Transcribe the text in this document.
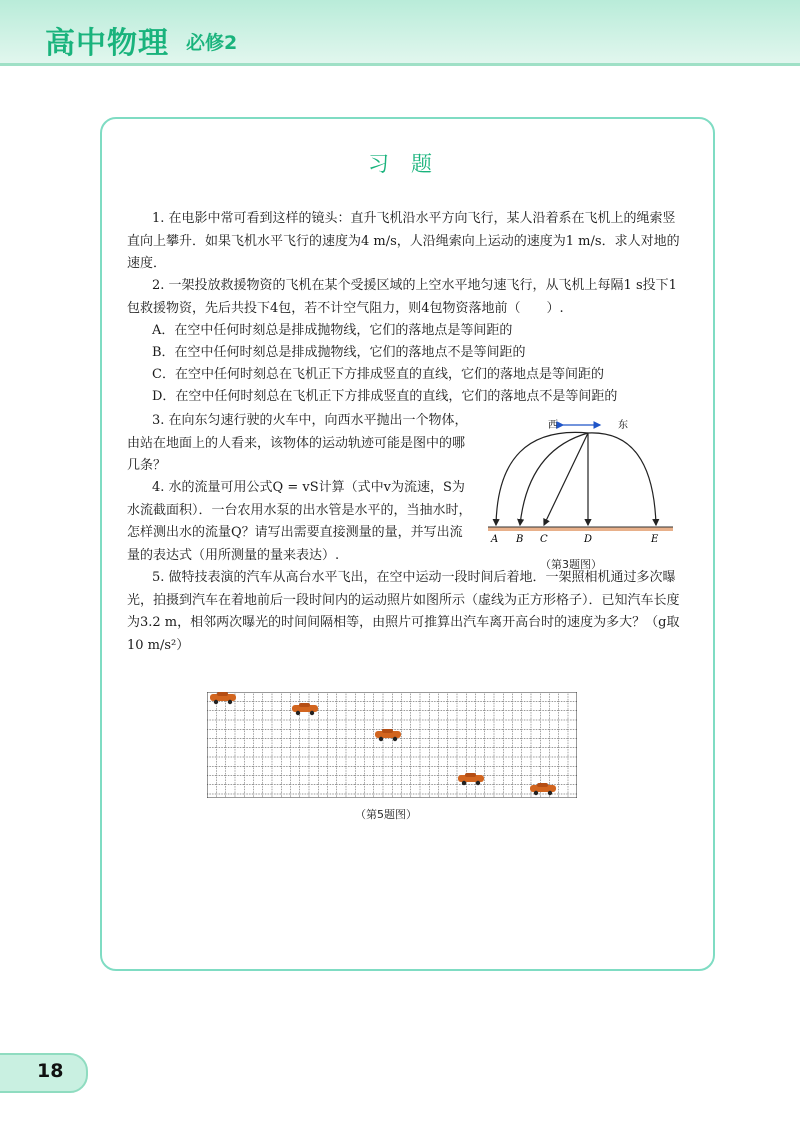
高中物理 必修2
习题

1. 在电影中常可看到这样的镜头：直升飞机沿水平方向飞行，某人沿着系在飞机上的绳索竖直向上攀升．如果飞机水平飞行的速度为4 m/s，人沿绳索向上运动的速度为1 m/s．求人对地的速度．

2. 一架投放救援物资的飞机在某个受援区域的上空水平地匀速飞行，从飞机上每隔1 s投下1包救援物资，先后共投下4包，若不计空气阻力，则4包物资落地前（　　）.

A．在空中任何时刻总是排成抛物线，它们的落地点是等间距的

B．在空中任何时刻总是排成抛物线，它们的落地点不是等间距的

C．在空中任何时刻总在飞机正下方排成竖直的直线，它们的落地点是等间距的

D．在空中任何时刻总在飞机正下方排成竖直的直线，它们的落地点不是等间距的

3. 在向东匀速行驶的火车中，向西水平抛出一个物体，由站在地面上的人看来，该物体的运动轨迹可能是图中的哪几条？

4. 水的流量可用公式Q = vS计算（式中v为流速，S为水流截面积）．一台农用水泵的出水管是水平的，当抽水时，怎样测出水的流量Q？请写出需要直接测量的量，并写出流量的表达式（用所测量的量来表达）.

5. 做特技表演的汽车从高台水平飞出，在空中运动一段时间后着地．一架照相机通过多次曝光，拍摄到汽车在着地前后一段时间内的运动照片如图所示（虚线为正方形格子）．已知汽车长度为3.2 m，相邻两次曝光的时间间隔相等，由照片可推算出汽车离开高台时的速度为多大？（g取10 m/s²）

西	东
A B C	D	E
（第3题图）
（第5题图）
18
